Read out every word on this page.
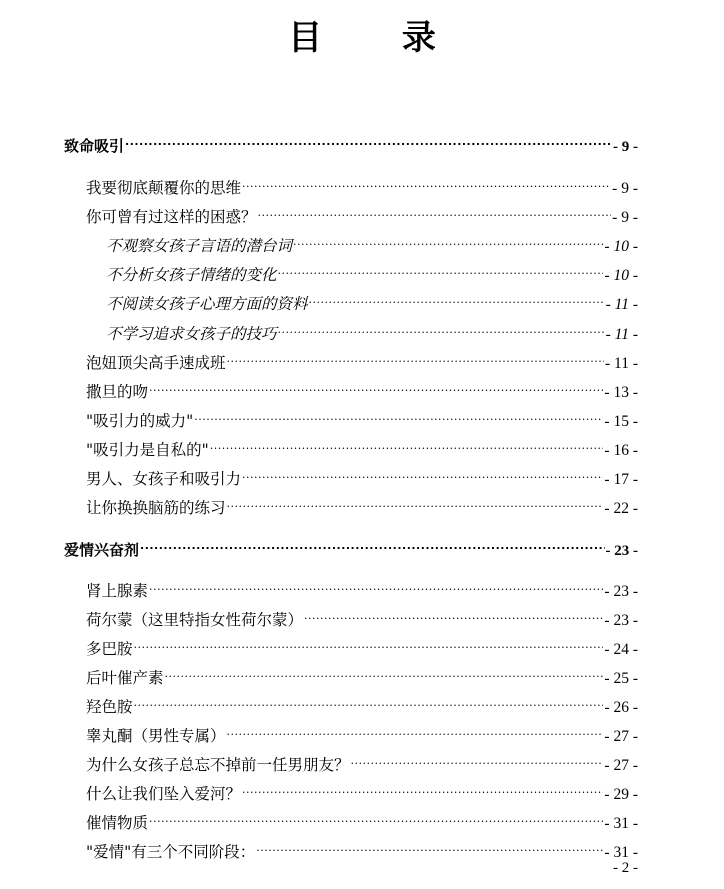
目 录
致命吸引 .....	- 9 -
我要彻底颠覆你的思维 .....	- 9 -
你可曾有过这样的困惑？ .....	- 9 -
不观察女孩子言语的潜台词 .....	- 10 -
不分析女孩子情绪的变化 .....	- 10 -
不阅读女孩子心理方面的资料 .....	- 11 -
不学习追求女孩子的技巧 .....	- 11 -
泡妞顶尖高手速成班 .....	- 11 -
撒旦的吻 .....	- 13 -
"吸引力的威力" .....	- 15 -
"吸引力是自私的" .....	- 16 -
男人、女孩子和吸引力 .....	- 17 -
让你换换脑筋的练习 .....	- 22 -
爱情兴奋剂 .....	- 23 -
肾上腺素 .....	- 23 -
荷尔蒙（这里特指女性荷尔蒙） .....	- 23 -
多巴胺 .....	- 24 -
后叶催产素 .....	- 25 -
羟色胺 .....	- 26 -
睾丸酮（男性专属） .....	- 27 -
为什么女孩子总忘不掉前一任男朋友？ .....	- 27 -
什么让我们坠入爱河？ .....	- 29 -
催情物质 .....	- 31 -
"爱情"有三个不同阶段： .....	- 31 -
- 2 -
